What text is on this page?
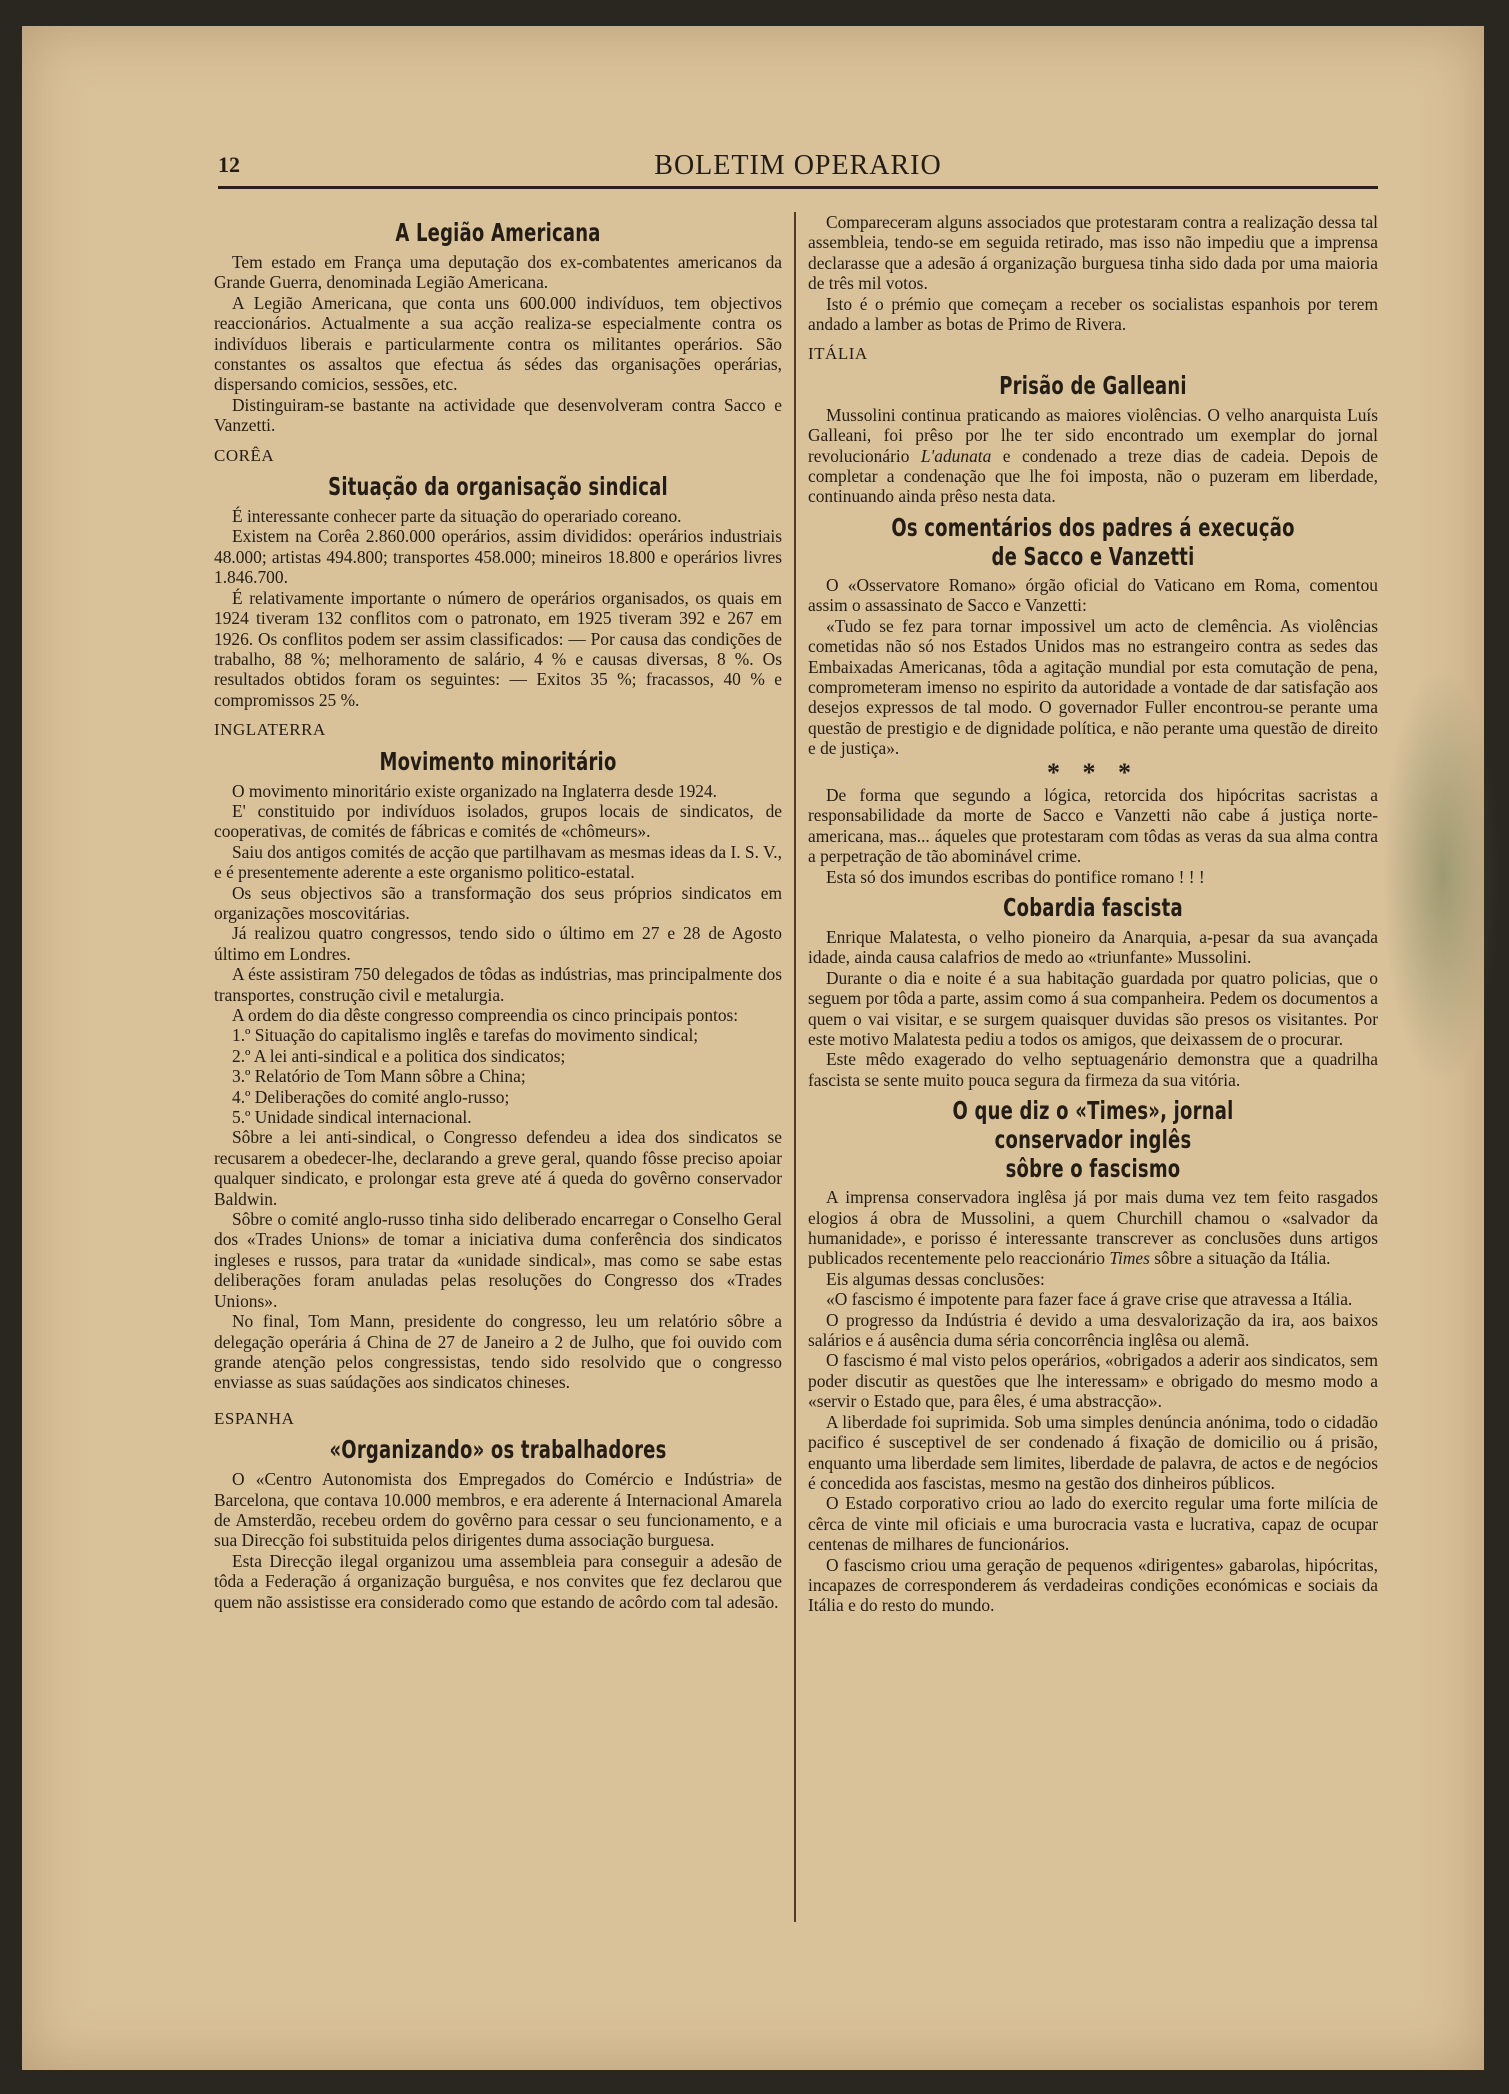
12	BOLETIM OPERARIO
A Legião Americana

Tem estado em França uma deputação dos ex-combatentes americanos da Grande Guerra, denominada Legião Americana.

A Legião Americana, que conta uns 600.000 indivíduos, tem objectivos reaccionários. Actualmente a sua acção realiza-se especialmente contra os indivíduos liberais e particularmente contra os militantes operários. São constantes os assaltos que efectua ás sédes das organisações operárias, dispersando comicios, sessões, etc.

Distinguiram-se bastante na actividade que desenvolveram contra Sacco e Vanzetti.

CORÊA
Situação da organisação sindical

É interessante conhecer parte da situação do operariado coreano.

Existem na Corêa 2.860.000 operários, assim divididos: operários industriais 48.000; artistas 494.800; transportes 458.000; mineiros 18.800 e operários livres 1.846.700.

É relativamente importante o número de operários organisados, os quais em 1924 tiveram 132 conflitos com o patronato, em 1925 tiveram 392 e 267 em 1926. Os conflitos podem ser assim classificados: — Por causa das condições de trabalho, 88 %; melhoramento de salário, 4 % e causas diversas, 8 %. Os resultados obtidos foram os seguintes: — Exitos 35 %; fracassos, 40 % e compromissos 25 %.

INGLATERRA
Movimento minoritário

O movimento minoritário existe organizado na Inglaterra desde 1924.

E' constituido por indivíduos isolados, grupos locais de sindicatos, de cooperativas, de comités de fábricas e comités de «chômeurs».

Saiu dos antigos comités de acção que partilhavam as mesmas ideas da I. S. V., e é presentemente aderente a este organismo politico-estatal.

Os seus objectivos são a transformação dos seus próprios sindicatos em organizações moscovitárias.

Já realizou quatro congressos, tendo sido o último em 27 e 28 de Agosto último em Londres.

A éste assistiram 750 delegados de tôdas as indústrias, mas principalmente dos transportes, construção civil e metalurgia.

A ordem do dia dêste congresso compreendia os cinco principais pontos:

1.º Situação do capitalismo inglês e tarefas do movimento sindical;

2.º A lei anti-sindical e a politica dos sindicatos;

3.º Relatório de Tom Mann sôbre a China;

4.º Deliberações do comité anglo-russo;

5.º Unidade sindical internacional.

Sôbre a lei anti-sindical, o Congresso defendeu a idea dos sindicatos se recusarem a obedecer-lhe, declarando a greve geral, quando fôsse preciso apoiar qualquer sindicato, e prolongar esta greve até á queda do govêrno conservador Baldwin.

Sôbre o comité anglo-russo tinha sido deliberado encarregar o Conselho Geral dos «Trades Unions» de tomar a iniciativa duma conferência dos sindicatos ingleses e russos, para tratar da «unidade sindical», mas como se sabe estas deliberações foram anuladas pelas resoluções do Congresso dos «Trades Unions».

No final, Tom Mann, presidente do congresso, leu um relatório sôbre a delegação operária á China de 27 de Janeiro a 2 de Julho, que foi ouvido com grande atenção pelos congressistas, tendo sido resolvido que o congresso enviasse as suas saúdações aos sindicatos chineses.

ESPANHA
«Organizando» os trabalhadores

O «Centro Autonomista dos Empregados do Comércio e Indústria» de Barcelona, que contava 10.000 membros, e era aderente á Internacional Amarela de Amsterdão, recebeu ordem do govêrno para cessar o seu funcionamento, e a sua Direcção foi substituida pelos dirigentes duma associação burguesa.

Esta Direcção ilegal organizou uma assembleia para conseguir a adesão de tôda a Federação á organização burguêsa, e nos convites que fez declarou que quem não assistisse era considerado como que estando de acôrdo com tal adesão.

Compareceram alguns associados que protestaram contra a realização dessa tal assembleia, tendo-se em seguida retirado, mas isso não impediu que a imprensa declarasse que a adesão á organização burguesa tinha sido dada por uma maioria de três mil votos.

Isto é o prémio que começam a receber os socialistas espanhois por terem andado a lamber as botas de Primo de Rivera.

ITÁLIA
Prisão de Galleani

Mussolini continua praticando as maiores violências. O velho anarquista Luís Galleani, foi prêso por lhe ter sido encontrado um exemplar do jornal revolucionário L'adunata e condenado a treze dias de cadeia. Depois de completar a condenação que lhe foi imposta, não o puzeram em liberdade, continuando ainda prêso nesta data.

Os comentários dos padres á execução
de Sacco e Vanzetti

O «Osservatore Romano» órgão oficial do Vaticano em Roma, comentou assim o assassinato de Sacco e Vanzetti:

«Tudo se fez para tornar impossivel um acto de clemência. As violências cometidas não só nos Estados Unidos mas no estrangeiro contra as sedes das Embaixadas Americanas, tôda a agitação mundial por esta comutação de pena, comprometeram imenso no espirito da autoridade a vontade de dar satisfação aos desejos expressos de tal modo. O governador Fuller encontrou-se perante uma questão de prestigio e de dignidade política, e não perante uma questão de direito e de justiça».

* * *

De forma que segundo a lógica, retorcida dos hipócritas sacristas a responsabilidade da morte de Sacco e Vanzetti não cabe á justiça norte-americana, mas... áqueles que protestaram com tôdas as veras da sua alma contra a perpetração de tão abominável crime.

Esta só dos imundos escribas do pontifice romano ! ! !

Cobardia fascista

Enrique Malatesta, o velho pioneiro da Anarquia, a-pesar da sua avançada idade, ainda causa calafrios de medo ao «triunfante» Mussolini.

Durante o dia e noite é a sua habitação guardada por quatro policias, que o seguem por tôda a parte, assim como á sua companheira. Pedem os documentos a quem o vai visitar, e se surgem quaisquer duvidas são presos os visitantes. Por este motivo Malatesta pediu a todos os amigos, que deixassem de o procurar.

Este mêdo exagerado do velho septuagenário demonstra que a quadrilha fascista se sente muito pouca segura da firmeza da sua vitória.

O que diz o «Times», jornal conservador inglês
sôbre o fascismo

A imprensa conservadora inglêsa já por mais duma vez tem feito rasgados elogios á obra de Mussolini, a quem Churchill chamou o «salvador da humanidade», e porisso é interessante transcrever as conclusões duns artigos publicados recentemente pelo reaccionário Times sôbre a situação da Itália.

Eis algumas dessas conclusões:

«O fascismo é impotente para fazer face á grave crise que atravessa a Itália.

O progresso da Indústria é devido a uma desvalorização da ira, aos baixos salários e á ausência duma séria concorrência inglêsa ou alemã.

O fascismo é mal visto pelos operários, «obrigados a aderir aos sindicatos, sem poder discutir as questões que lhe interessam» e obrigado do mesmo modo a «servir o Estado que, para êles, é uma abstracção».

A liberdade foi suprimida. Sob uma simples denúncia anónima, todo o cidadão pacifico é susceptivel de ser condenado á fixação de domicilio ou á prisão, enquanto uma liberdade sem limites, liberdade de palavra, de actos e de negócios é concedida aos fascistas, mesmo na gestão dos dinheiros públicos.

O Estado corporativo criou ao lado do exercito regular uma forte milícia de cêrca de vinte mil oficiais e uma burocracia vasta e lucrativa, capaz de ocupar centenas de milhares de funcionários.

O fascismo criou uma geração de pequenos «dirigentes» gabarolas, hipócritas, incapazes de corresponderem ás verdadeiras condições económicas e sociais da Itália e do resto do mundo.
